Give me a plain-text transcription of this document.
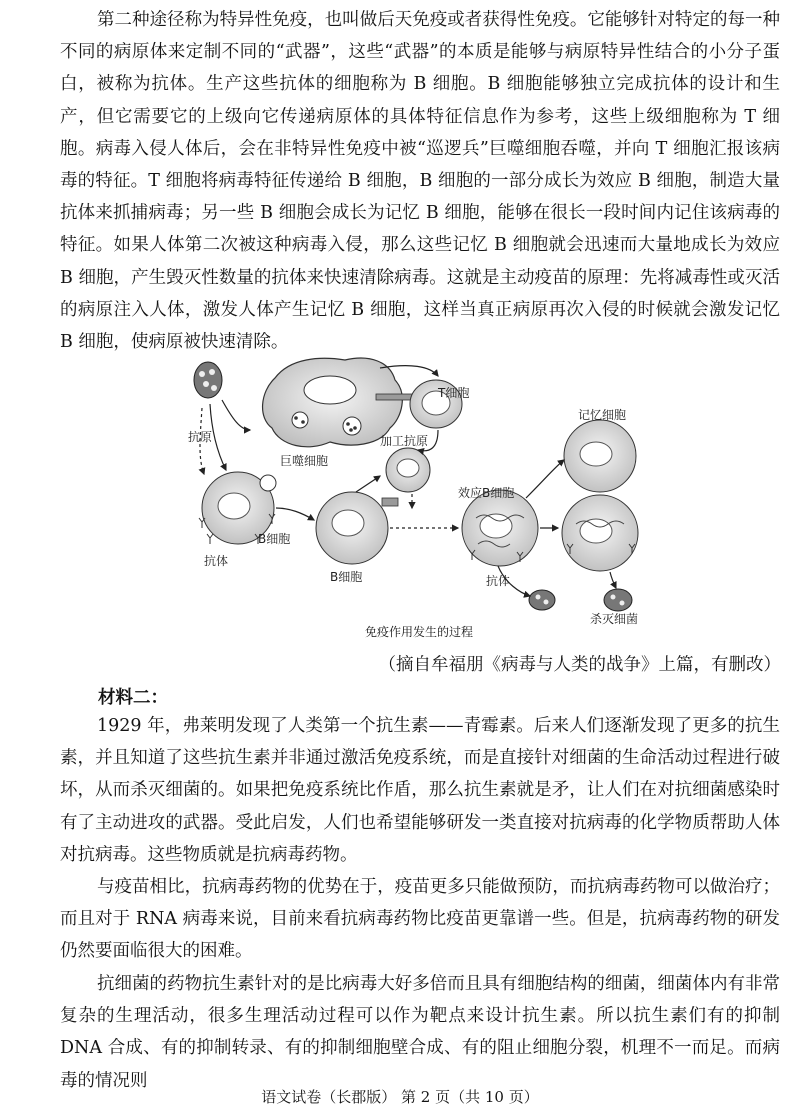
第二种途径称为特异性免疫，也叫做后天免疫或者获得性免疫。它能够针对特定的每一种不同的病原体来定制不同的“武器”，这些“武器”的本质是能够与病原特异性结合的小分子蛋白，被称为抗体。生产这些抗体的细胞称为 B 细胞。B 细胞能够独立完成抗体的设计和生产，但它需要它的上级向它传递病原体的具体特征信息作为参考，这些上级细胞称为 T 细胞。病毒入侵人体后，会在非特异性免疫中被“巡逻兵”巨噬细胞吞噬，并向 T 细胞汇报该病毒的特征。T 细胞将病毒特征传递给 B 细胞，B 细胞的一部分成长为效应 B 细胞，制造大量抗体来抓捕病毒；另一些 B 细胞会成长为记忆 B 细胞，能够在很长一段时间内记住该病毒的特征。如果人体第二次被这种病毒入侵，那么这些记忆 B 细胞就会迅速而大量地成长为效应 B 细胞，产生毁灭性数量的抗体来快速清除病毒。这就是主动疫苗的原理：先将减毒性或灭活的病原注入人体，激发人体产生记忆 B 细胞，这样当真正病原再次入侵的时候就会激发记忆 B 细胞，使病原被快速清除。

T细胞
抗原
巨噬细胞
加工抗原
记忆细胞
效应B细胞
抗体
B细胞
B细胞	抗体
杀灭细菌
免疫作用发生的过程
（摘自牟福朋《病毒与人类的战争》上篇，有删改）
材料二：

1929 年，弗莱明发现了人类第一个抗生素——青霉素。后来人们逐渐发现了更多的抗生素，并且知道了这些抗生素并非通过激活免疫系统，而是直接针对细菌的生命活动过程进行破坏，从而杀灭细菌的。如果把免疫系统比作盾，那么抗生素就是矛，让人们在对抗细菌感染时有了主动进攻的武器。受此启发，人们也希望能够研发一类直接对抗病毒的化学物质帮助人体对抗病毒。这些物质就是抗病毒药物。

与疫苗相比，抗病毒药物的优势在于，疫苗更多只能做预防，而抗病毒药物可以做治疗；而且对于 RNA 病毒来说，目前来看抗病毒药物比疫苗更靠谱一些。但是，抗病毒药物的研发仍然要面临很大的困难。

抗细菌的药物抗生素针对的是比病毒大好多倍而且具有细胞结构的细菌，细菌体内有非常复杂的生理活动，很多生理活动过程可以作为靶点来设计抗生素。所以抗生素们有的抑制 DNA 合成、有的抑制转录、有的抑制细胞壁合成、有的阻止细胞分裂，机理不一而足。而病毒的情况则

语文试卷（长郡版） 第 2 页（共 10 页）
